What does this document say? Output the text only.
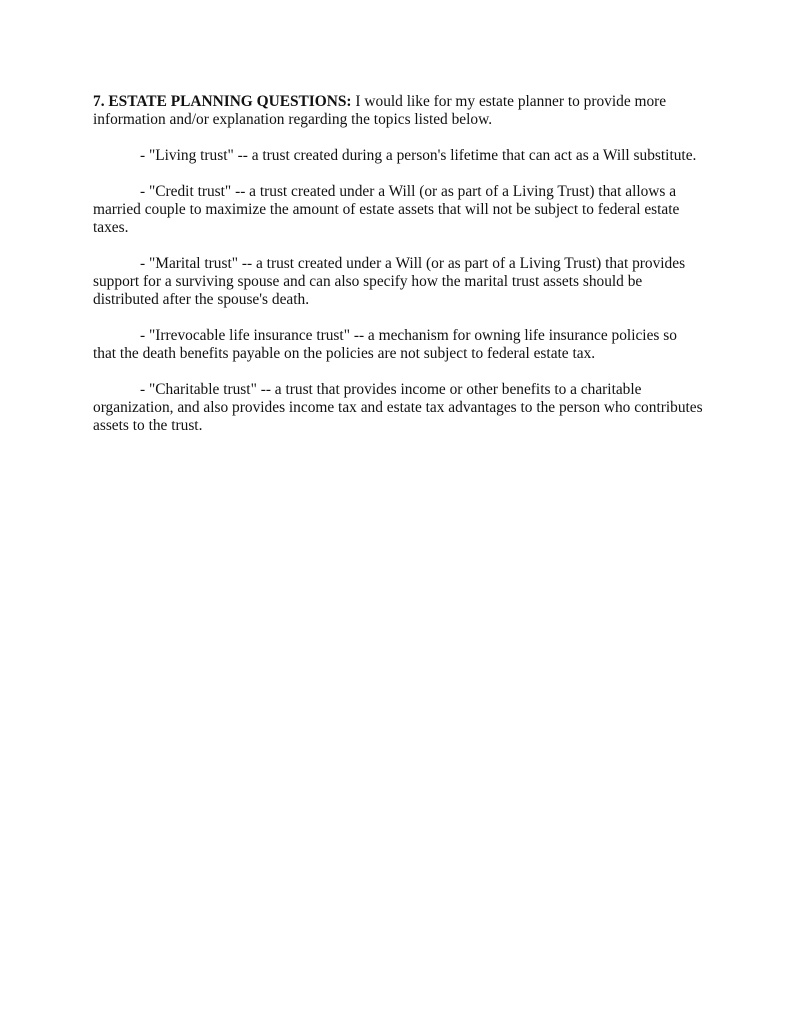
7. ESTATE PLANNING QUESTIONS: I would like for my estate planner to provide more information and/or explanation regarding the topics listed below.

- "Living trust" -- a trust created during a person's lifetime that can act as a Will substitute.

- "Credit trust" -- a trust created under a Will (or as part of a Living Trust) that allows a married couple to maximize the amount of estate assets that will not be subject to federal estate taxes.

- "Marital trust" -- a trust created under a Will (or as part of a Living Trust) that provides support for a surviving spouse and can also specify how the marital trust assets should be distributed after the spouse's death.

- "Irrevocable life insurance trust" -- a mechanism for owning life insurance policies so that the death benefits payable on the policies are not subject to federal estate tax.

- "Charitable trust" -- a trust that provides income or other benefits to a charitable organization, and also provides income tax and estate tax advantages to the person who contributes assets to the trust.
